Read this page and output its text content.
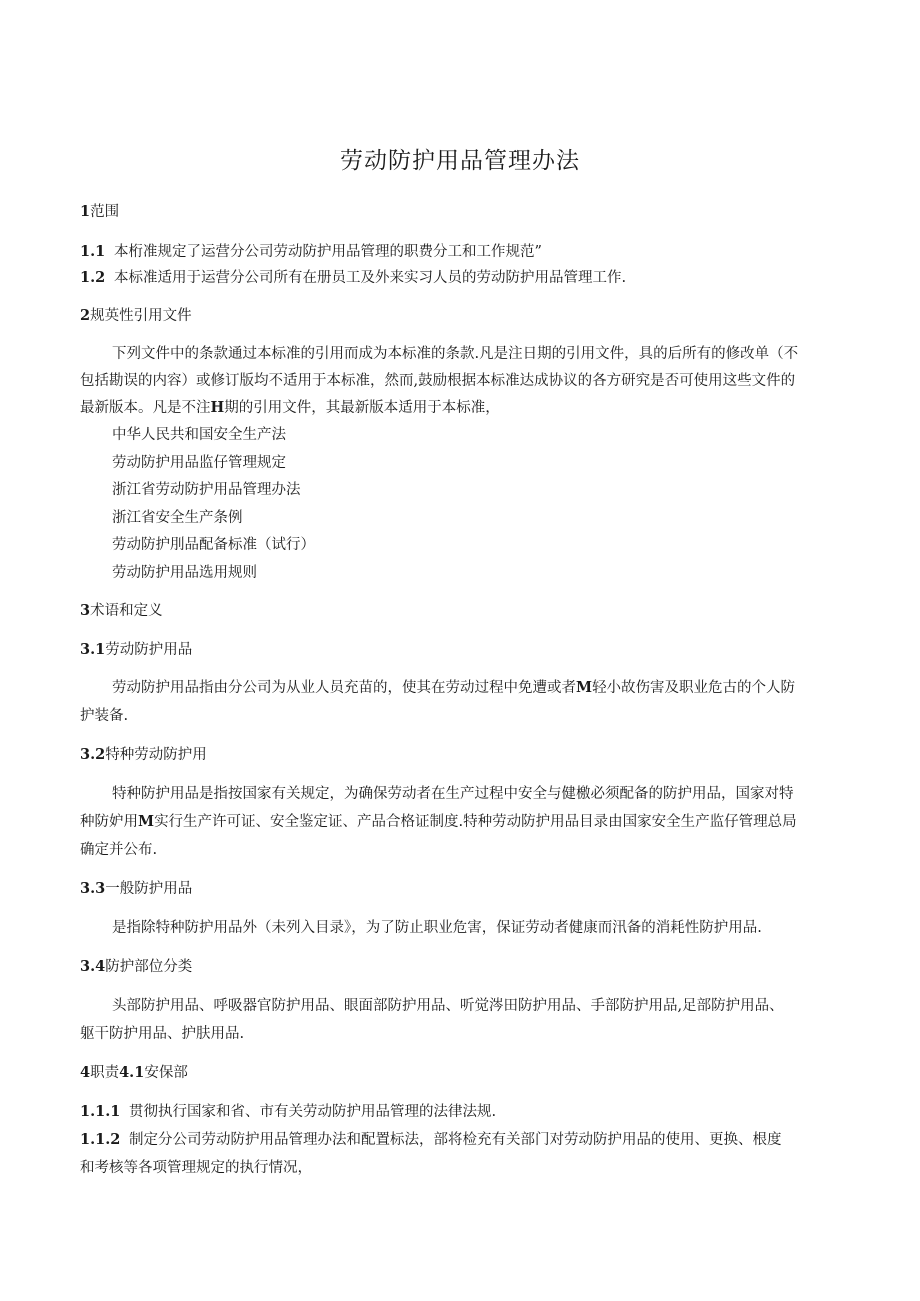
劳动防护用品管理办法
1范围
1.1 本桁准规定了运营分公司劳动防护用品管理的职费分工和工作规范”
1.2 本标准适用于运营分公司所有在册员工及外来实习人员的劳动防护用品管理工作.
2规英性引用文件
下列文件中的条款通过本标准的引用而成为本标准的条款.凡是注日期的引用文件，具的后所有的修改单（不
包括勘误的内容）或修订版均不适用于本标准，然而,鼓励根据本标准达成协议的各方研究是否可使用这些文件的
最新版本。凡是不注H期的引用文件，其最新版本适用于本标准，
中华人民共和国安全生产法
劳动防护用品监仔管理规定
浙江省劳动防护用品管理办法
浙江省安全生产条例
劳动防护刖品配备标准（试行）
劳动防护用品选用规则
3术语和定义
3.1劳动防护用品
劳动防护用品指由分公司为从业人员充苗的，使其在劳动过程中免遭或者M轻小故伤害及职业危古的个人防
护装备.
3.2特种劳动防护用
特种防护用品是指按国家有关规定，为确保劳动者在生产过程中安全与健檄必须配备的防护用品，国家对特
种防妒用M实行生产许可证、安全鉴定证、产品合格证制度.特种劳动防护用品目录由国家安全生产监仔管理总局
确定并公布.
3.3一般防护用品
是指除特种防护用品外（未列入目录》，为了防止职业危害，保证劳动者健康而汛备的消耗性防护用品.
3.4防护部位分类
头部防护用品、呼吸器官防护用品、眼面部防护用品、听觉涔田防护用品、手部防护用品,足部防护用品、
躯干防护用品、护肤用品.
4职责4.1安保部
1.1.1 贯彻执行国家和省、市有关劳动防护用品管理的法律法规.
1.1.2 制定分公司劳动防护用品管理办法和配置标法，部将检充有关部门对劳动防护用品的使用、更换、根度
和考核等各项管理规定的执行情况，
